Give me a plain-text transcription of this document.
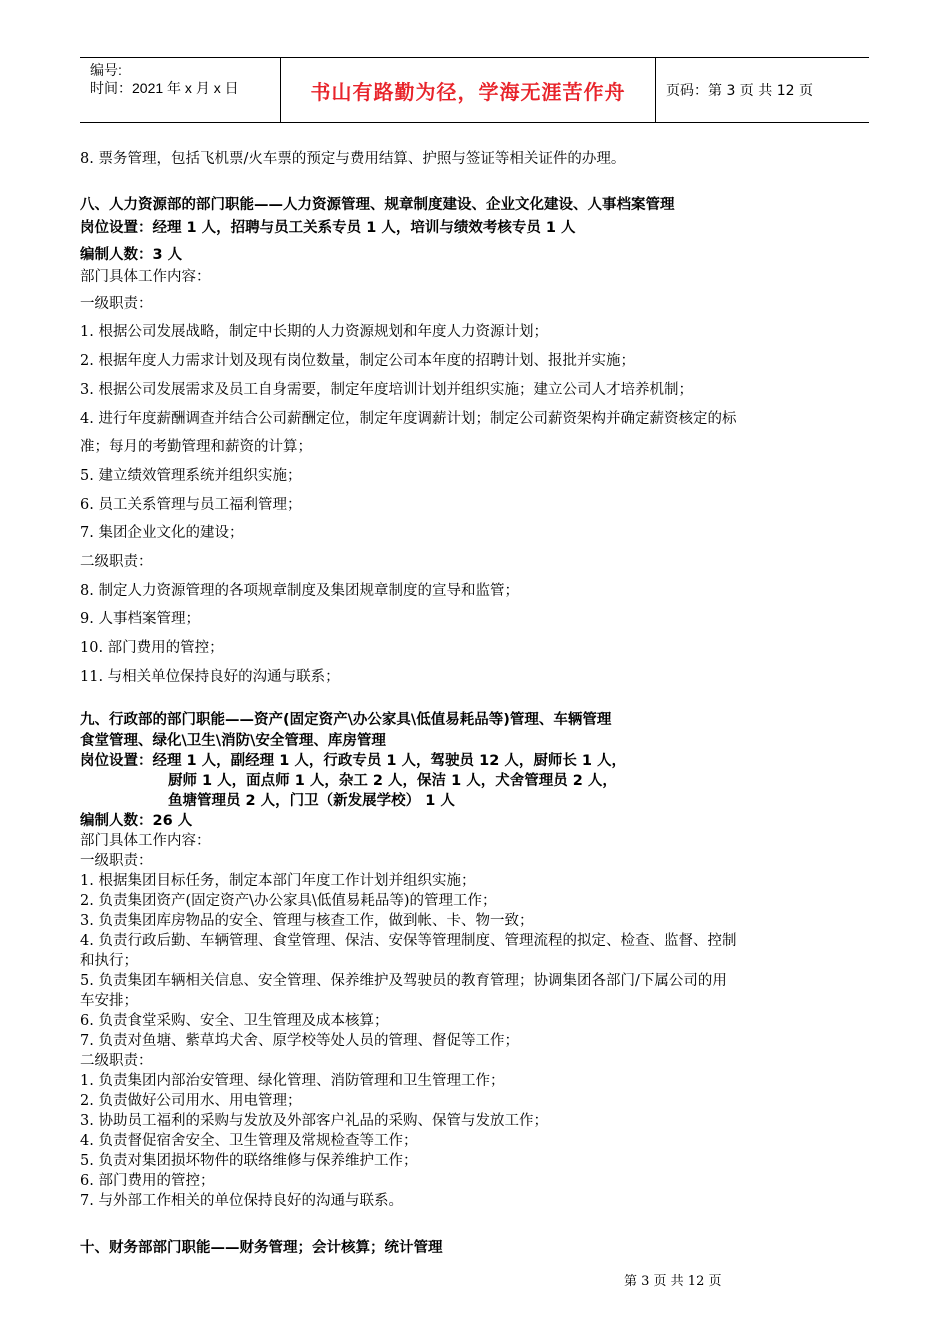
编号:
时间：2021 年 x 月 x 日	书山有路勤为径，学海无涯苦作舟	页码：第 3 页 共 12 页
8. 票务管理，包括飞机票/火车票的预定与费用结算、护照与签证等相关证件的办理。
八、人力资源部的部门职能——人力资源管理、规章制度建设、企业文化建设、人事档案管理
岗位设置：经理 1 人，招聘与员工关系专员 1 人，培训与绩效考核专员 1 人
编制人数：3 人
部门具体工作内容：
一级职责：
1. 根据公司发展战略，制定中长期的人力资源规划和年度人力资源计划；
2. 根据年度人力需求计划及现有岗位数量，制定公司本年度的招聘计划、报批并实施；
3. 根据公司发展需求及员工自身需要，制定年度培训计划并组织实施；建立公司人才培养机制；
4. 进行年度薪酬调查并结合公司薪酬定位，制定年度调薪计划；制定公司薪资架构并确定薪资核定的标
准；每月的考勤管理和薪资的计算；
5. 建立绩效管理系统并组织实施；
6. 员工关系管理与员工福利管理；
7. 集团企业文化的建设；
二级职责：
8. 制定人力资源管理的各项规章制度及集团规章制度的宣导和监管；
9. 人事档案管理；
10. 部门费用的管控；
11. 与相关单位保持良好的沟通与联系；
九、行政部的部门职能——资产(固定资产\办公家具\低值易耗品等)管理、车辆管理
食堂管理、绿化\卫生\消防\安全管理、库房管理
岗位设置：经理 1 人，副经理 1 人，行政专员 1 人，驾驶员 12 人，厨师长 1 人，
厨师 1 人，面点师 1 人，杂工 2 人，保洁 1 人，犬舍管理员 2 人，
鱼塘管理员 2 人，门卫（新发展学校） 1 人
编制人数：26 人
部门具体工作内容：
一级职责：
1. 根据集团目标任务，制定本部门年度工作计划并组织实施；
2. 负责集团资产(固定资产\办公家具\低值易耗品等)的管理工作；
3. 负责集团库房物品的安全、管理与核查工作，做到帐、卡、物一致；
4. 负责行政后勤、车辆管理、食堂管理、保洁、安保等管理制度、管理流程的拟定、检查、监督、控制
和执行；
5. 负责集团车辆相关信息、安全管理、保养维护及驾驶员的教育管理；协调集团各部门/下属公司的用
车安排；
6. 负责食堂采购、安全、卫生管理及成本核算；
7. 负责对鱼塘、紫草坞犬舍、原学校等处人员的管理、督促等工作；
二级职责：
1. 负责集团内部治安管理、绿化管理、消防管理和卫生管理工作；
2. 负责做好公司用水、用电管理；
3. 协助员工福利的采购与发放及外部客户礼品的采购、保管与发放工作；
4. 负责督促宿舍安全、卫生管理及常规检查等工作；
5. 负责对集团损坏物件的联络维修与保养维护工作；
6. 部门费用的管控；
7. 与外部工作相关的单位保持良好的沟通与联系。
十、财务部部门职能——财务管理；会计核算；统计管理
第 3 页 共 12 页
